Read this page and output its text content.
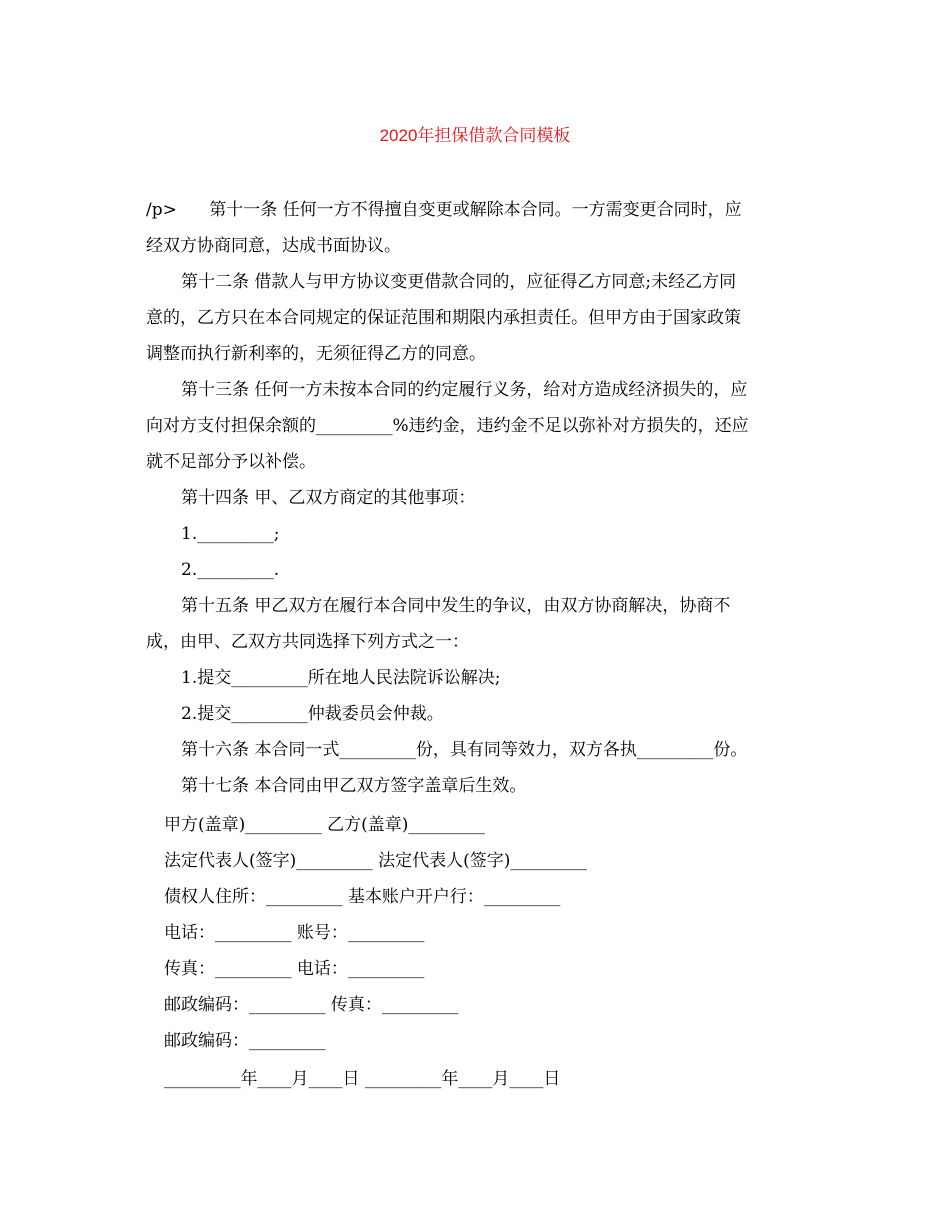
2020年担保借款合同模板
/p>      第十一条 任何一方不得擅自变更或解除本合同。一方需变更合同时，应
经双方协商同意，达成书面协议。
第十二条 借款人与甲方协议变更借款合同的，应征得乙方同意;未经乙方同
意的，乙方只在本合同规定的保证范围和期限内承担责任。但甲方由于国家政策
调整而执行新利率的，无须征得乙方的同意。
第十三条 任何一方未按本合同的约定履行义务，给对方造成经济损失的，应
向对方支付担保余额的_________%违约金，违约金不足以弥补对方损失的，还应
就不足部分予以补偿。
第十四条 甲、乙双方商定的其他事项：
1._________;
2._________.
第十五条 甲乙双方在履行本合同中发生的争议，由双方协商解决，协商不
成，由甲、乙双方共同选择下列方式之一：
1.提交_________所在地人民法院诉讼解决;
2.提交_________仲裁委员会仲裁。
第十六条 本合同一式_________份，具有同等效力，双方各执_________份。
第十七条 本合同由甲乙双方签字盖章后生效。
甲方(盖章)_________ 乙方(盖章)_________
法定代表人(签字)_________ 法定代表人(签字)_________
债权人住所：_________ 基本账户开户行：_________
电话：_________ 账号：_________
传真：_________ 电话：_________
邮政编码：_________ 传真：_________
邮政编码：_________
_________年____月____日 _________年____月____日
